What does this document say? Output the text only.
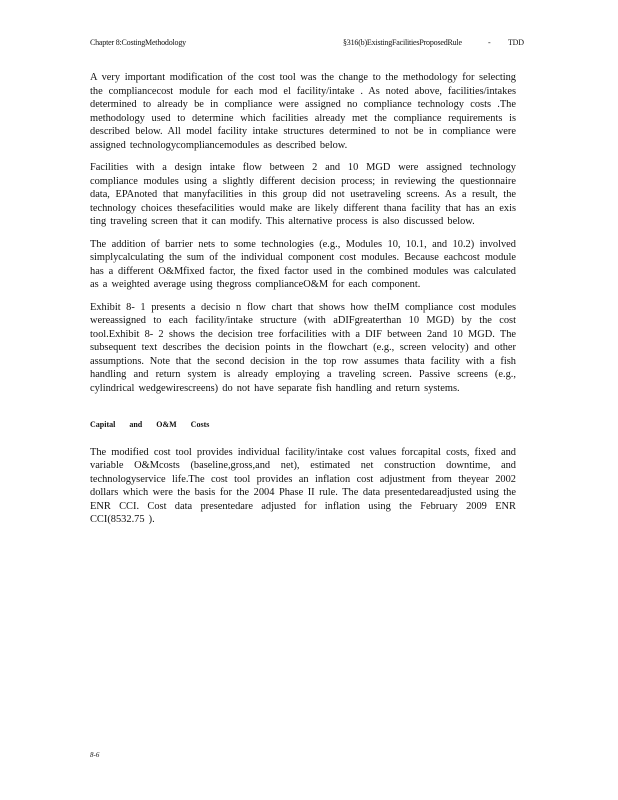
Chapter 8:CostingMethodology	§316(b)ExistingFacilitiesProposedRule	- TDD

A very important modification of the cost tool was the change to the methodology for selecting the compliancecost module for each mod el facility/intake . As noted above, facilities/intakes determined to already be in compliance were assigned no compliance technology costs .The methodology used to determine which facilities already met the compliance requirements is described below. All model facility intake structures determined to not be in compliance were assigned technologycompliancemodules as described below.

Facilities with a design intake flow between 2 and 10 MGD were assigned technology compliance modules using a slightly different decision process; in reviewing the questionnaire data, EPAnoted that manyfacilities in this group did not usetraveling screens. As a result, the technology choices thesefacilities would make are likely different thana facility that has an exis ting traveling screen that it can modify. This alternative process is also discussed below.

The addition of barrier nets to some technologies (e.g., Modules 10, 10.1, and 10.2) involved simplycalculating the sum of the individual component cost modules. Because eachcost module has a different O&Mfixed factor, the fixed factor used in the combined modules was calculated as a weighted average using thegross complianceO&M for each component.

Exhibit 8- 1 presents a decisio n flow chart that shows how theIM compliance cost modules wereassigned to each facility/intake structure (with aDIFgreaterthan 10 MGD) by the cost tool.Exhibit 8- 2 shows the decision tree forfacilities with a DIF between 2and 10 MGD. The subsequent text describes the decision points in the flowchart (e.g., screen velocity) and other assumptions. Note that the second decision in the top row assumes thata facility with a fish handling and return system is already employing a traveling screen. Passive screens (e.g., cylindrical wedgewirescreens) do not have separate fish handling and return systems.

Capital and O&M Costs

The modified cost tool provides individual facility/intake cost values forcapital costs, fixed and variable O&Mcosts (baseline,gross,and net), estimated net construction downtime, and technologyservice life.The cost tool provides an inflation cost adjustment from theyear 2002 dollars which were the basis for the 2004 Phase II rule. The data presentedareadjusted using the ENR CCI. Cost data presentedare adjusted for inflation using the February 2009 ENR CCI(8532.75 ).

8-6
